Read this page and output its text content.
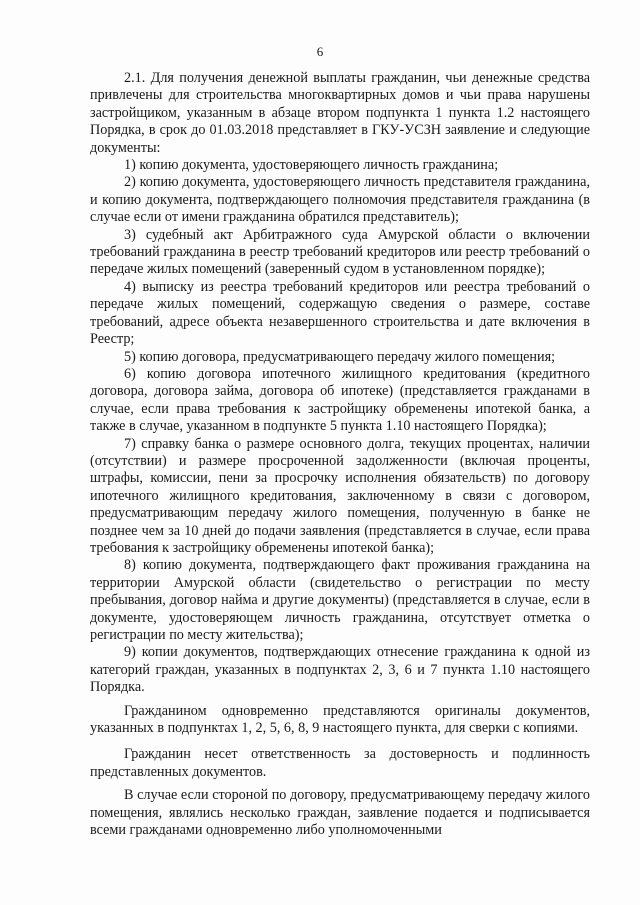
6

2.1. Для получения денежной выплаты гражданин, чьи денежные средства привлечены для строительства многоквартирных домов и чьи права нарушены застройщиком, указанным в абзаце втором подпункта 1 пункта 1.2 настоящего Порядка, в срок до 01.03.2018 представляет в ГКУ-УСЗН заявление и следующие документы:

1) копию документа, удостоверяющего личность гражданина;

2) копию документа, удостоверяющего личность представителя гражданина, и копию документа, подтверждающего полномочия представителя гражданина (в случае если от имени гражданина обратился представитель);

3) судебный акт Арбитражного суда Амурской области о включении требований гражданина в реестр требований кредиторов или реестр требований о передаче жилых помещений (заверенный судом в установленном порядке);

4) выписку из реестра требований кредиторов или реестра требований о передаче жилых помещений, содержащую сведения о размере, составе требований, адресе объекта незавершенного строительства и дате включения в Реестр;

5) копию договора, предусматривающего передачу жилого помещения;

6) копию договора ипотечного жилищного кредитования (кредитного договора, договора займа, договора об ипотеке) (представляется гражданами в случае, если права требования к застройщику обременены ипотекой банка, а также в случае, указанном в подпункте 5 пункта 1.10 настоящего Порядка);

7) справку банка о размере основного долга, текущих процентах, наличии (отсутствии) и размере просроченной задолженности (включая проценты, штрафы, комиссии, пени за просрочку исполнения обязательств) по договору ипотечного жилищного кредитования, заключенному в связи с договором, предусматривающим передачу жилого помещения, полученную в банке не позднее чем за 10 дней до подачи заявления (представляется в случае, если права требования к застройщику обременены ипотекой банка);

8) копию документа, подтверждающего факт проживания гражданина на территории Амурской области (свидетельство о регистрации по месту пребывания, договор найма и другие документы) (представляется в случае, если в документе, удостоверяющем личность гражданина, отсутствует отметка о регистрации по месту жительства);

9) копии документов, подтверждающих отнесение гражданина к одной из категорий граждан, указанных в подпунктах 2, 3, 6 и 7 пункта 1.10 настоящего Порядка.

Гражданином одновременно представляются оригиналы документов, указанных в подпунктах 1, 2, 5, 6, 8, 9 настоящего пункта, для сверки с копиями.

Гражданин несет ответственность за достоверность и подлинность представленных документов.

В случае если стороной по договору, предусматривающему передачу жилого помещения, являлись несколько граждан, заявление подается и подписывается всеми гражданами одновременно либо уполномоченными
